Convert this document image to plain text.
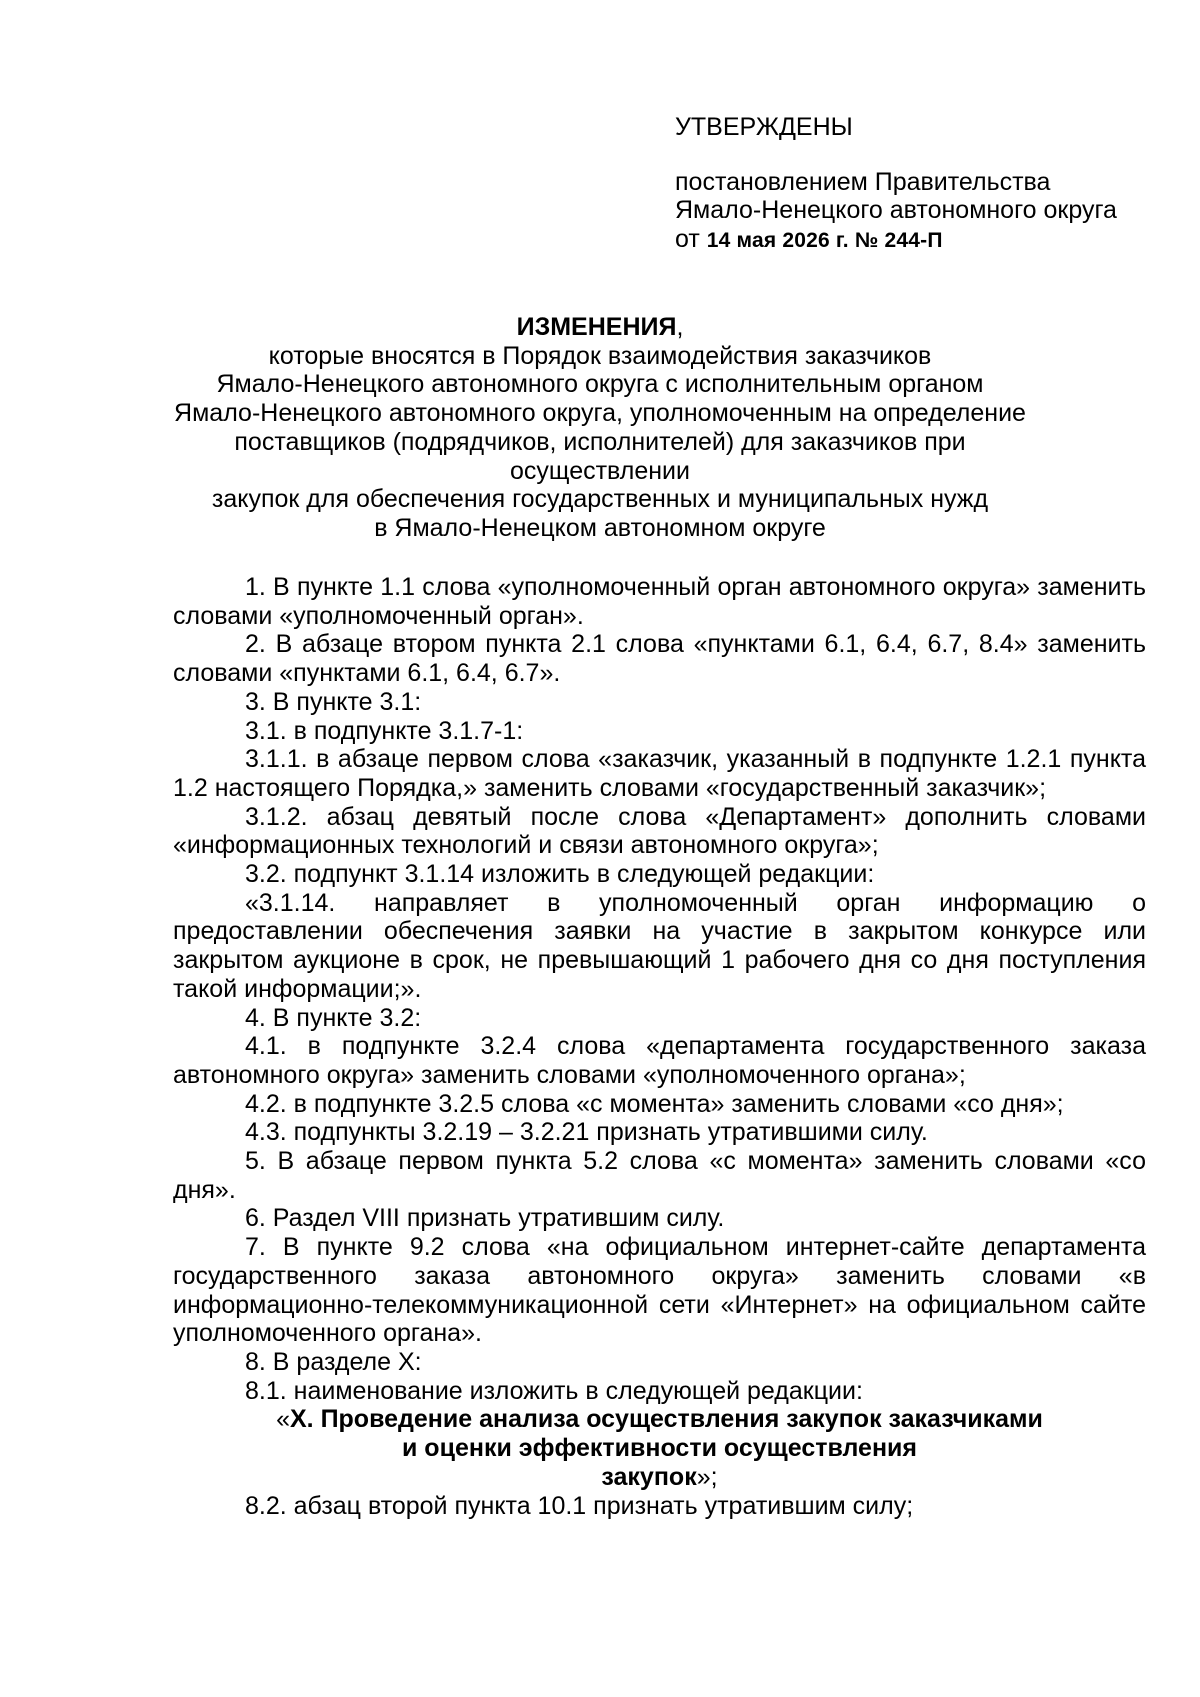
УТВЕРЖДЕНЫ
постановлением Правительства
Ямало-Ненецкого автономного округа
от 14 мая 2026 г. № 244-П
ИЗМЕНЕНИЯ,
которые вносятся в Порядок взаимодействия заказчиков
Ямало-Ненецкого автономного округа с исполнительным органом
Ямало-Ненецкого автономного округа, уполномоченным на определение
поставщиков (подрядчиков, исполнителей) для заказчиков при осуществлении
закупок для обеспечения государственных и муниципальных нужд
в Ямало-Ненецком автономном округе

1. В пункте 1.1 слова «уполномоченный орган автономного округа» заменить словами «уполномоченный орган».

2. В абзаце втором пункта 2.1 слова «пунктами 6.1, 6.4, 6.7, 8.4» заменить словами «пунктами 6.1, 6.4, 6.7».

3. В пункте 3.1:

3.1. в подпункте 3.1.7-1:

3.1.1. в абзаце первом слова «заказчик, указанный в подпункте 1.2.1 пункта 1.2 настоящего Порядка,» заменить словами «государственный заказчик»;

3.1.2. абзац девятый после слова «Департамент» дополнить словами «информационных технологий и связи автономного округа»;

3.2. подпункт 3.1.14 изложить в следующей редакции:

«3.1.14. направляет в уполномоченный орган информацию о предоставлении обеспечения заявки на участие в закрытом конкурсе или закрытом аукционе в срок, не превышающий 1 рабочего дня со дня поступления такой информации;».

4. В пункте 3.2:

4.1. в подпункте 3.2.4 слова «департамента государственного заказа автономного округа» заменить словами «уполномоченного органа»;

4.2. в подпункте 3.2.5 слова «с момента» заменить словами «со дня»;

4.3. подпункты 3.2.19 – 3.2.21 признать утратившими силу.

5. В абзаце первом пункта 5.2 слова «с момента» заменить словами «со дня».

6. Раздел VIII признать утратившим силу.

7. В пункте 9.2 слова «на официальном интернет-сайте департамента государственного заказа автономного округа» заменить словами «в информационно-телекоммуникационной сети «Интернет» на официальном сайте уполномоченного органа».

8. В разделе X:

8.1. наименование изложить в следующей редакции:

«X. Проведение анализа осуществления закупок заказчиками
и оценки эффективности осуществления
закупок»;

8.2. абзац второй пункта 10.1 признать утратившим силу;
